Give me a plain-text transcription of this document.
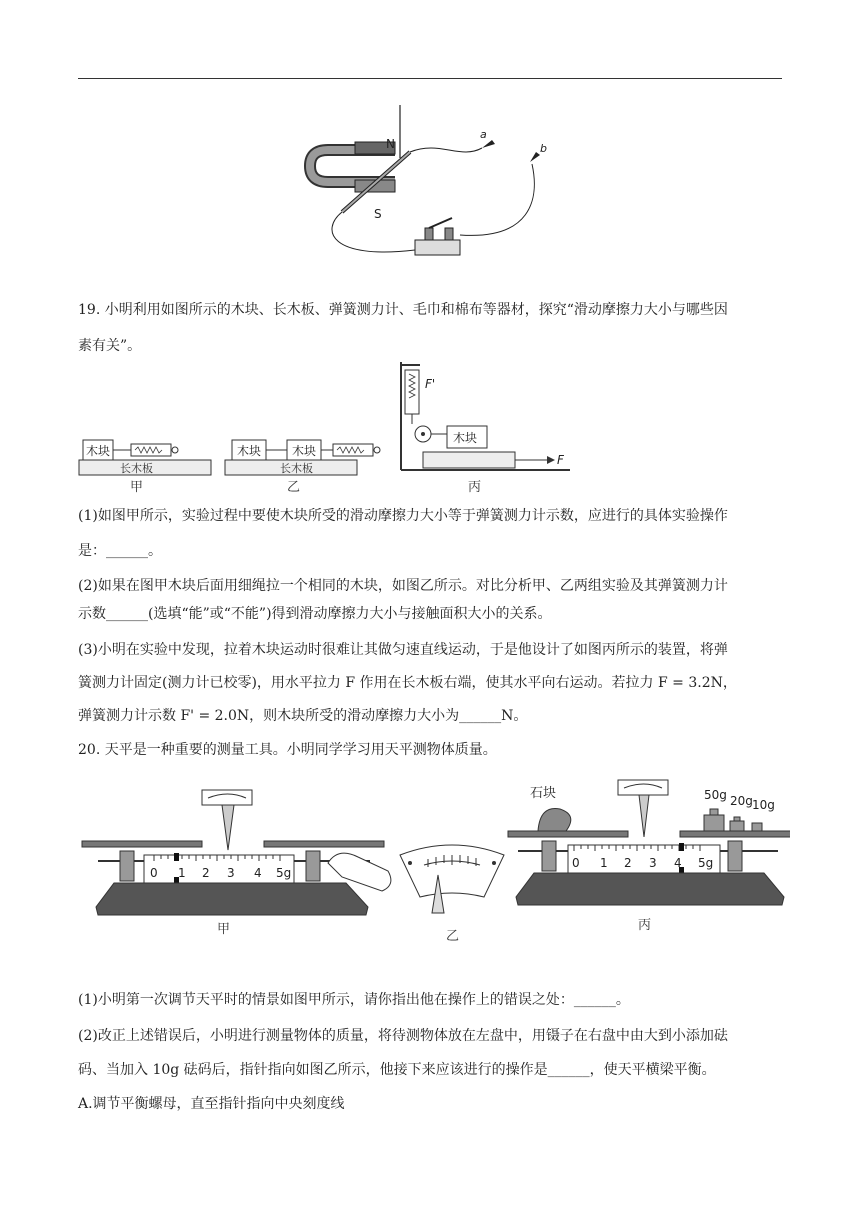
N
S
a
b
19. 小明利用如图所示的木块、长木板、弹簧测力计、毛巾和棉布等器材，探究“滑动摩擦力大小与哪些因
素有关”。
长木板
木块
甲
长木板
木块	木块
乙
F'
木块
F
丙
(1)如图甲所示，实验过程中要使木块所受的滑动摩擦力大小等于弹簧测力计示数，应进行的具体实验操作
是：______。
(2)如果在图甲木块后面用细绳拉一个相同的木块，如图乙所示。对比分析甲、乙两组实验及其弹簧测力计
示数______(选填“能”或“不能”)得到滑动摩擦力大小与接触面积大小的关系。
(3)小明在实验中发现，拉着木块运动时很难让其做匀速直线运动，于是他设计了如图丙所示的装置，将弹
簧测力计固定(测力计已校零)，用水平拉力 F 作用在长木板右端，使其水平向右运动。若拉力 F = 3.2N，
弹簧测力计示数 F' = 2.0N，则木块所受的滑动摩擦力大小为______N。
20. 天平是一种重要的测量工具。小明同学学习用天平测物体质量。
0 1 2 3 4 5g
甲	乙
石块	50g 20g 10g
0 1 2 3 4 5g
丙
(1)小明第一次调节天平时的情景如图甲所示，请你指出他在操作上的错误之处：______。
(2)改正上述错误后，小明进行测量物体的质量，将待测物体放在左盘中，用镊子在右盘中由大到小添加砝
码、当加入 10g 砝码后，指针指向如图乙所示，他接下来应该进行的操作是______，使天平横梁平衡。
A.调节平衡螺母，直至指针指向中央刻度线
